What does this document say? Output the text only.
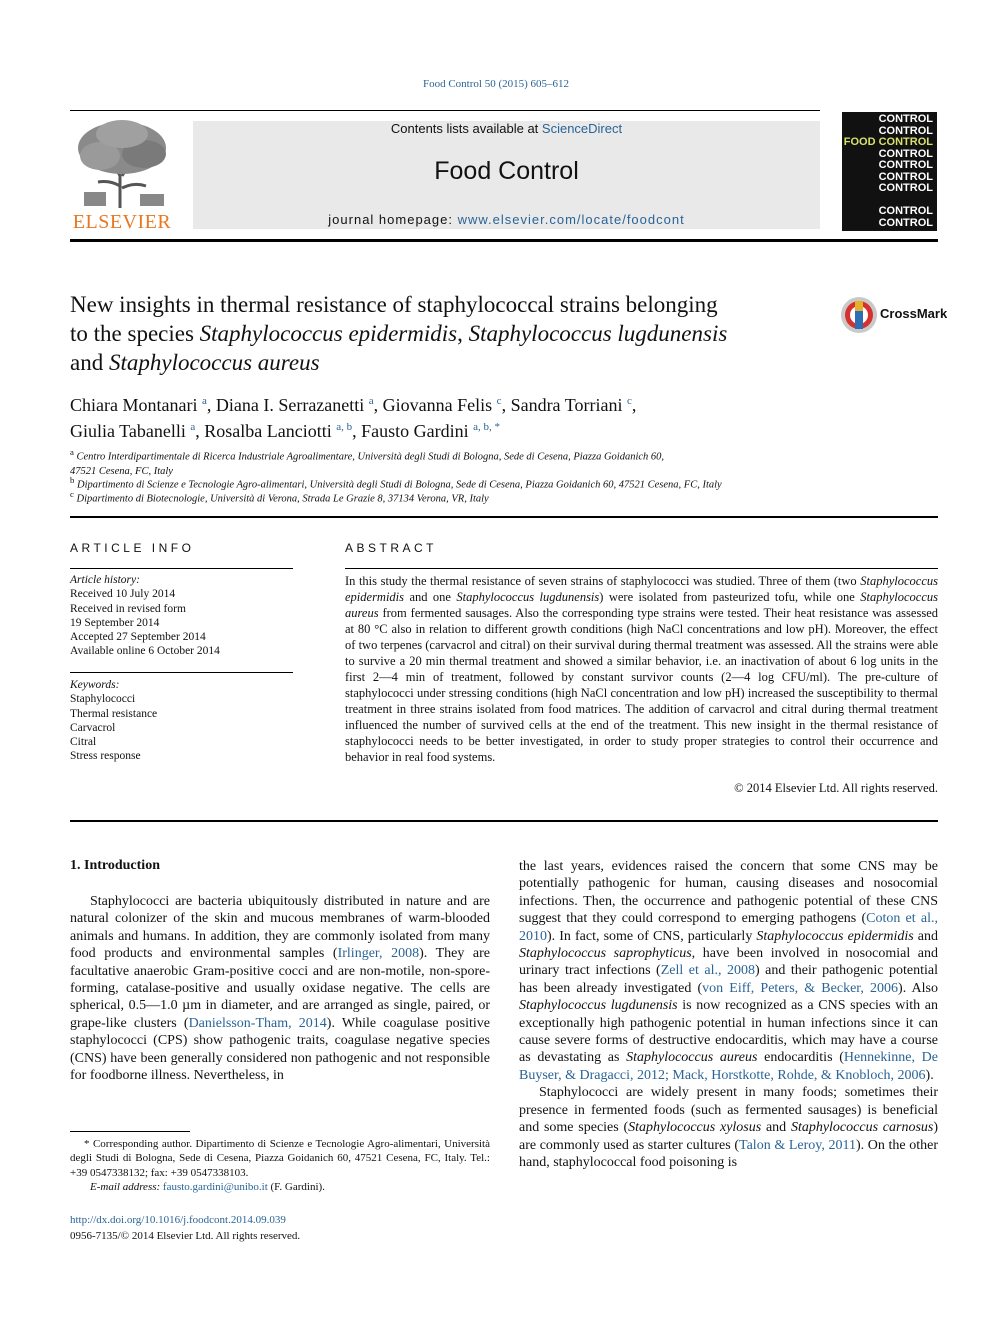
Food Control 50 (2015) 605–612
ELSEVIER
Contents lists available at ScienceDirect
Food Control
journal homepage: www.elsevier.com/locate/foodcont
CONTROL
CONTROL
FOOD CONTROL
CONTROL
CONTROL
CONTROL
CONTROL
CONTROL
CONTROL
New insights in thermal resistance of staphylococcal strains belonging
to the species Staphylococcus epidermidis, Staphylococcus lugdunensis
and Staphylococcus aureus
CrossMark
Chiara Montanari $^a$, Diana I. Serrazanetti $^a$, Giovanna Felis $^c$, Sandra Torriani $^c$,
Giulia Tabanelli $^a$, Rosalba Lanciotti $^{a, b}$, Fausto Gardini $^{a, b, *}$
$^a$ Centro Interdipartimentale di Ricerca Industriale Agroalimentare, Università degli Studi di Bologna, Sede di Cesena, Piazza Goidanich 60,
47521 Cesena, FC, Italy
$^b$ Dipartimento di Scienze e Tecnologie Agro-alimentari, Università degli Studi di Bologna, Sede di Cesena, Piazza Goidanich 60, 47521 Cesena, FC, Italy
$^c$ Dipartimento di Biotecnologie, Università di Verona, Strada Le Grazie 8, 37134 Verona, VR, Italy
ARTICLE INFO
Article history:
Received 10 July 2014
Received in revised form
19 September 2014
Accepted 27 September 2014
Available online 6 October 2014
Keywords:
Staphylococci
Thermal resistance
Carvacrol
Citral
Stress response
ABSTRACT
In this study the thermal resistance of seven strains of staphylococci was studied. Three of them (two Staphylococcus epidermidis and one Staphylococcus lugdunensis) were isolated from pasteurized tofu, while one Staphylococcus aureus from fermented sausages. Also the corresponding type strains were tested. Their heat resistance was assessed at 80 °C also in relation to different growth conditions (high NaCl concentrations and low pH). Moreover, the effect of two terpenes (carvacrol and citral) on their survival during thermal treatment was assessed. All the strains were able to survive a 20 min thermal treatment and showed a similar behavior, i.e. an inactivation of about 6 log units in the first 2—4 min of treatment, followed by constant survivor counts (2—4 log CFU/ml). The pre-culture of staphylococci under stressing conditions (high NaCl concentration and low pH) increased the susceptibility to thermal treatment in three strains isolated from food matrices. The addition of carvacrol and citral during thermal treatment influenced the number of survived cells at the end of the treatment. This new insight in the thermal resistance of staphylococci needs to be better investigated, in order to study proper strategies to control their occurrence and behavior in real food systems.
© 2014 Elsevier Ltd. All rights reserved.
1. Introduction
Staphylococci are bacteria ubiquitously distributed in nature and are natural colonizer of the skin and mucous membranes of warm-blooded animals and humans. In addition, they are commonly isolated from many food products and environmental samples (Irlinger, 2008). They are facultative anaerobic Gram-positive cocci and are non-motile, non-spore-forming, catalase-positive and usually oxidase negative. The cells are spherical, 0.5—1.0 µm in diameter, and are arranged as single, paired, or grape-like clusters (Danielsson-Tham, 2014). While coagulase positive staphylococci (CPS) show pathogenic traits, coagulase negative species (CNS) have been generally considered non pathogenic and not responsible for foodborne illness. Nevertheless, in

the last years, evidences raised the concern that some CNS may be potentially pathogenic for human, causing diseases and nosocomial infections. Then, the occurrence and pathogenic potential of these CNS suggest that they could correspond to emerging pathogens (Coton et al., 2010). In fact, some of CNS, particularly Staphylococcus epidermidis and Staphylococcus saprophyticus, have been involved in nosocomial and urinary tract infections (Zell et al., 2008) and their pathogenic potential has been already investigated (von Eiff, Peters, & Becker, 2006). Also Staphylococcus lugdunensis is now recognized as a CNS species with an exceptionally high pathogenic potential in human infections since it can cause severe forms of destructive endocarditis, which may have a course as devastating as Staphylococcus aureus endocarditis (Hennekinne, De Buyser, & Dragacci, 2012; Mack, Horstkotte, Rohde, & Knobloch, 2006).

Staphylococci are widely present in many foods; sometimes their presence in fermented foods (such as fermented sausages) is beneficial and some species (Staphylococcus xylosus and Staphylococcus carnosus) are commonly used as starter cultures (Talon & Leroy, 2011). On the other hand, staphylococcal food poisoning is

* Corresponding author. Dipartimento di Scienze e Tecnologie Agro-alimentari, Università degli Studi di Bologna, Sede di Cesena, Piazza Goidanich 60, 47521 Cesena, FC, Italy. Tel.: +39 0547338132; fax: +39 0547338103.
E-mail address: fausto.gardini@unibo.it (F. Gardini).
http://dx.doi.org/10.1016/j.foodcont.2014.09.039
0956-7135/© 2014 Elsevier Ltd. All rights reserved.
